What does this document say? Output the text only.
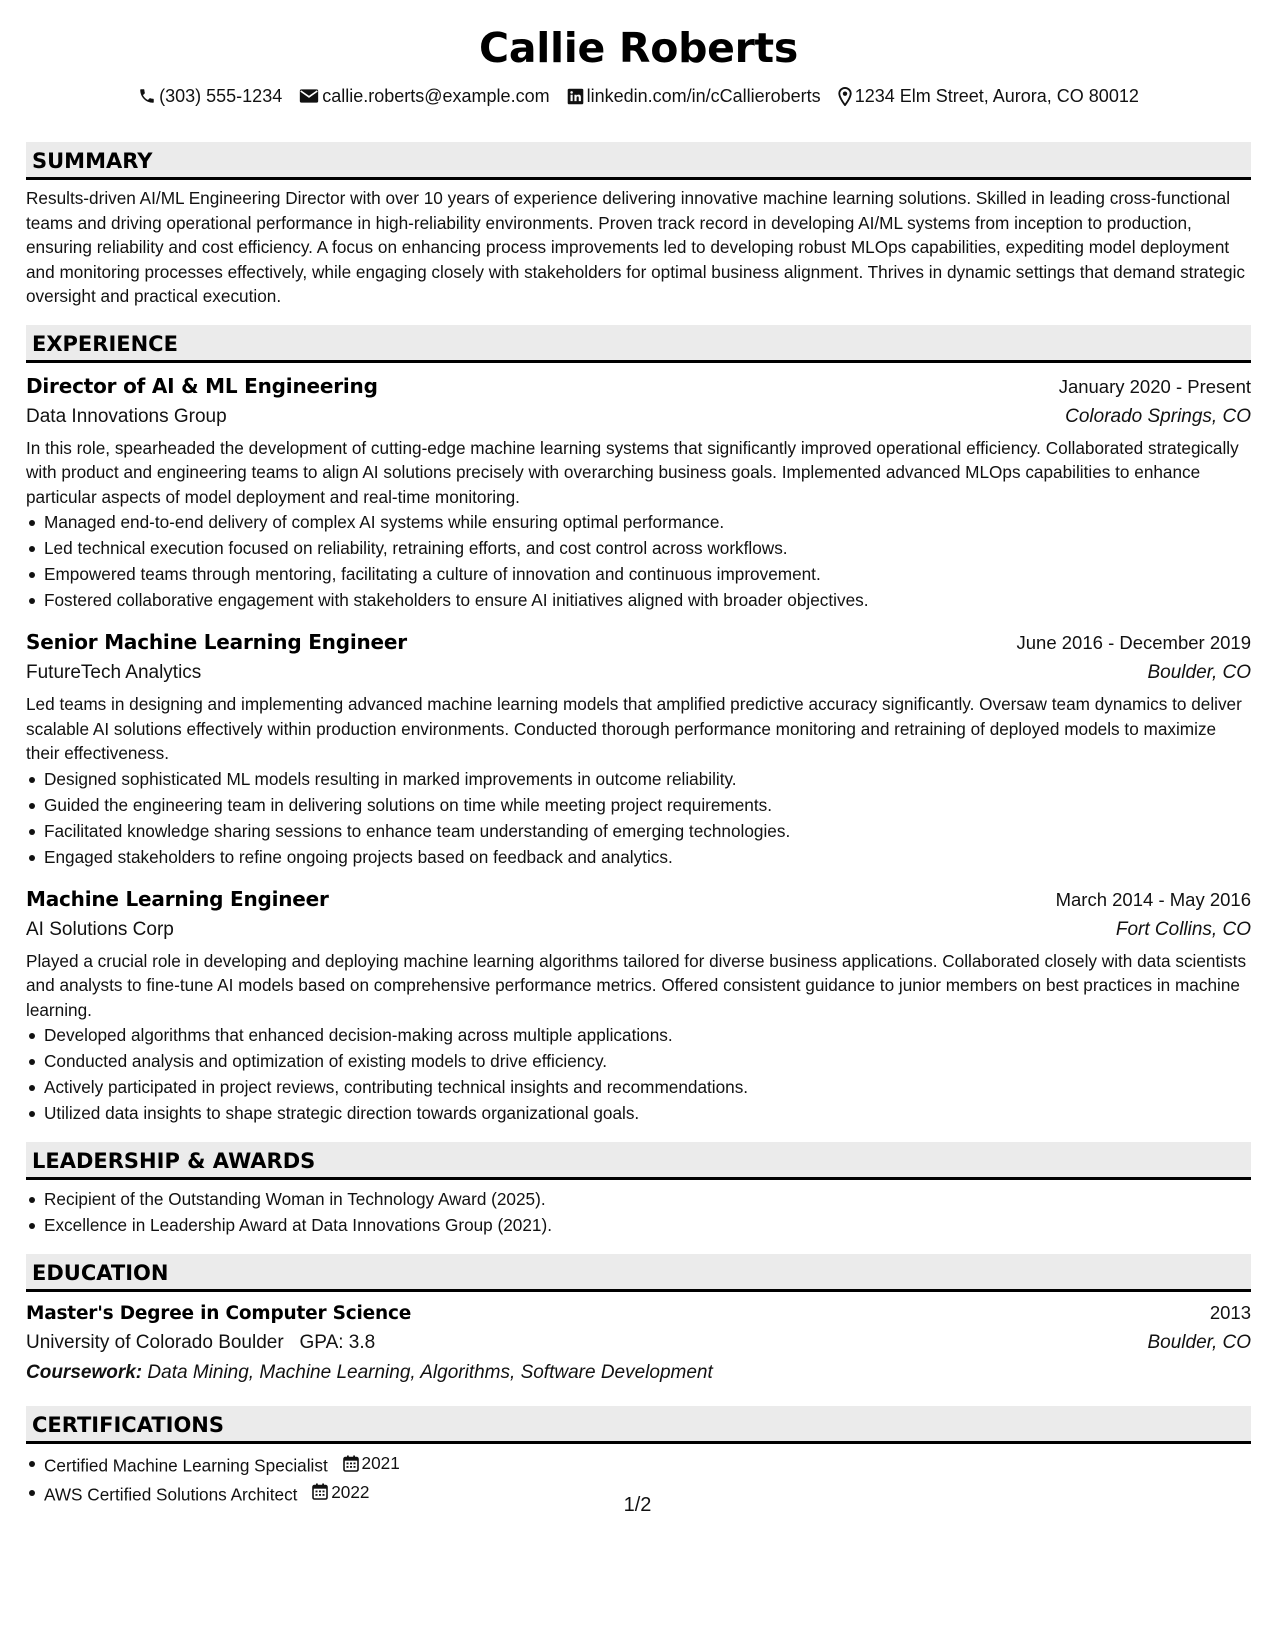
Callie Roberts
(303) 555-1234 callie.roberts@example.com linkedin.com/in/cCallieroberts 1234 Elm Street, Aurora, CO 80012
SUMMARY

Results-driven AI/ML Engineering Director with over 10 years of experience delivering innovative machine learning solutions. Skilled in leading cross-functional teams and driving operational performance in high-reliability environments. Proven track record in developing AI/ML systems from inception to production, ensuring reliability and cost efficiency. A focus on enhancing process improvements led to developing robust MLOps capabilities, expediting model deployment and monitoring processes effectively, while engaging closely with stakeholders for optimal business alignment. Thrives in dynamic settings that demand strategic oversight and practical execution.

EXPERIENCE
Director of AI & ML Engineering	January 2020 - Present
Data Innovations Group	Colorado Springs, CO

In this role, spearheaded the development of cutting-edge machine learning systems that significantly improved operational efficiency. Collaborated strategically with product and engineering teams to align AI solutions precisely with overarching business goals. Implemented advanced MLOps capabilities to enhance particular aspects of model deployment and real-time monitoring.

Managed end-to-end delivery of complex AI systems while ensuring optimal performance.
Led technical execution focused on reliability, retraining efforts, and cost control across workflows.
Empowered teams through mentoring, facilitating a culture of innovation and continuous improvement.
Fostered collaborative engagement with stakeholders to ensure AI initiatives aligned with broader objectives.
Senior Machine Learning Engineer	June 2016 - December 2019
FutureTech Analytics	Boulder, CO

Led teams in designing and implementing advanced machine learning models that amplified predictive accuracy significantly. Oversaw team dynamics to deliver scalable AI solutions effectively within production environments. Conducted thorough performance monitoring and retraining of deployed models to maximize their effectiveness.

Designed sophisticated ML models resulting in marked improvements in outcome reliability.
Guided the engineering team in delivering solutions on time while meeting project requirements.
Facilitated knowledge sharing sessions to enhance team understanding of emerging technologies.
Engaged stakeholders to refine ongoing projects based on feedback and analytics.
Machine Learning Engineer	March 2014 - May 2016
AI Solutions Corp	Fort Collins, CO

Played a crucial role in developing and deploying machine learning algorithms tailored for diverse business applications. Collaborated closely with data scientists and analysts to fine-tune AI models based on comprehensive performance metrics. Offered consistent guidance to junior members on best practices in machine learning.

Developed algorithms that enhanced decision-making across multiple applications.
Conducted analysis and optimization of existing models to drive efficiency.
Actively participated in project reviews, contributing technical insights and recommendations.
Utilized data insights to shape strategic direction towards organizational goals.
LEADERSHIP & AWARDS
Recipient of the Outstanding Woman in Technology Award (2025).
Excellence in Leadership Award at Data Innovations Group (2021).
EDUCATION
Master's Degree in Computer Science	2013
University of Colorado Boulder GPA: 3.8	Boulder, CO
Coursework: Data Mining, Machine Learning, Algorithms, Software Development
CERTIFICATIONS
Certified Machine Learning Specialist 2021
AWS Certified Solutions Architect 2022
1/2
